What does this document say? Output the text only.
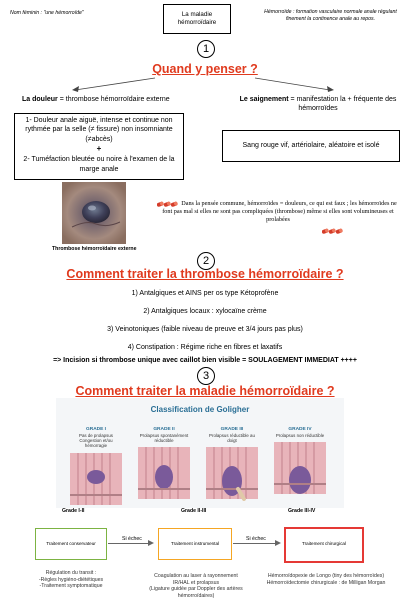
Nom féminin : "une hémorroïde"	La maladie
hémorroïdaire
Hémorroïde : formation vasculaire normale anale régulant finement la continence anale au repos.
1
Quand y penser ?
La douleur = thrombose hémorroïdaire externe
1- Douleur anale aiguë, intense et continue non rythmée par la selle (≠ fissure) non insomniante (≠abcès)
+
2- Tuméfaction bleutée ou noire à l'examen de la marge anale
Le saignement = manifestation la + fréquente des hémorroïdes
Sang rouge vif, artériolaire, aléatoire et isolé
Thrombose hémorroïdaire externe
Dans la pensée commune, hémorroïdes = douleurs, ce qui est faux ; les hémorroïdes ne font pas mal si elles ne sont pas compliquées (thrombose) même si elles sont volumineuses et prolabées
2
Comment traiter la thrombose hémorroïdaire ?
1) Antalgiques et AINS per os type Kétoprofène
2) Antalgiques locaux : xylocaïne crème
3) Veinotoniques (faible niveau de preuve et 3/4 jours pas plus)
4) Constipation : Régime riche en fibres et laxatifs
=> Incision si thrombose unique avec caillot bien visible = SOULAGEMENT IMMEDIAT ++++
3
Comment traiter la maladie hémorroïdaire ?
Classification de Goligher
GRADE I
Pas de prolapsus Congestion et/ou hémorragie
GRADE II
Prolapsus spontanément réductible
GRADE III
Prolapsus réductible au doigt
GRADE IV
Prolapsus non réductible
Grade I-II	Grade II-III	Grade III-IV
Traitement conservateur
Si échec
Traitement instrumental
Si échec
Traitement chirurgical
Régulation du transit :
-Règles hygiéno-diététiques
-Traitement symptomatique
Coagulation au laser à rayonnement
IR/HAL et prolapsus
(Ligature guidée par Doppler des artères hémorroïdaires)
Hémorroïdopexie de Longo (tiny des hémorroïdes)
Hémorroïdectomie chirurgicale : de Milligan Morgan
